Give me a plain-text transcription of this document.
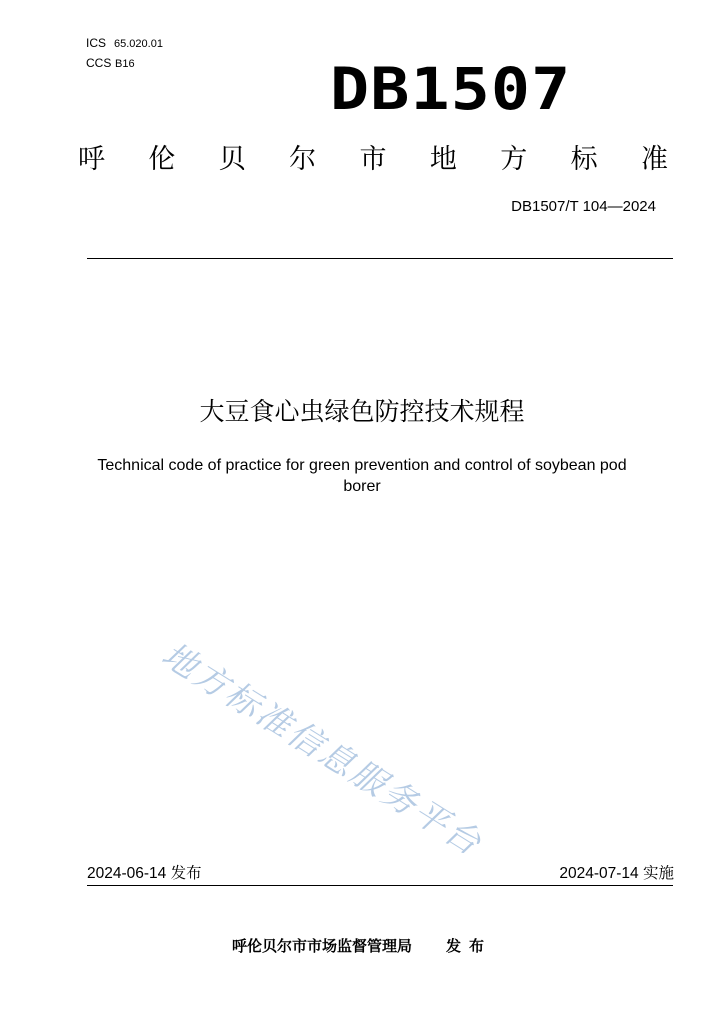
ICS 65.020.01
CCS B16	DB1507
呼 伦 贝 尔 市 地 方 标 准
DB1507/T 104—2024
大豆食心虫绿色防控技术规程
Technical code of practice for green prevention and control of soybean pod borer
地方标准信息服务平台
2024-06-14 发布	2024-07-14 实施
呼伦贝尔市市场监督管理局 发布
